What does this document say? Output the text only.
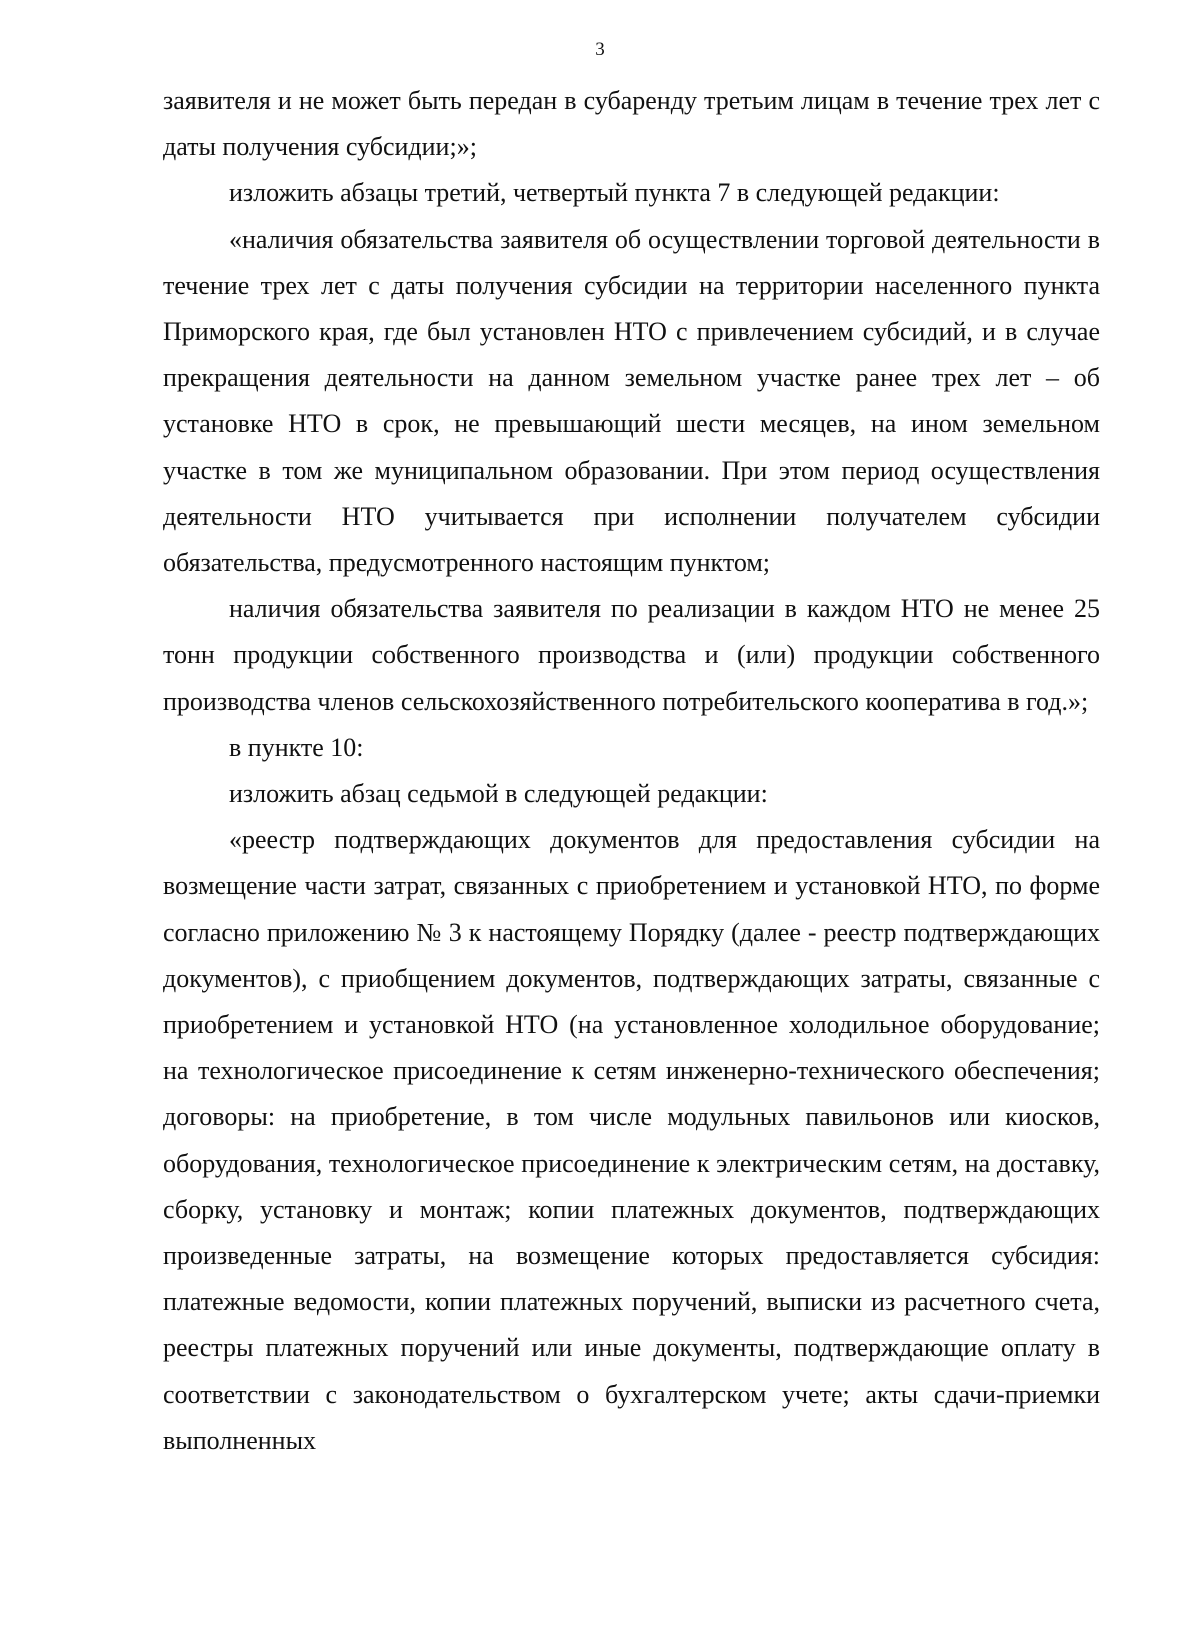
3

заявителя и не может быть передан в субаренду третьим лицам в течение трех лет с даты получения субсидии;»;

изложить абзацы третий, четвертый пункта 7 в следующей редакции:

«наличия обязательства заявителя об осуществлении торговой деятельности в течение трех лет с даты получения субсидии на территории населенного пункта Приморского края, где был установлен НТО с привлечением субсидий, и в случае прекращения деятельности на данном земельном участке ранее трех лет – об установке НТО в срок, не превышающий шести месяцев, на ином земельном участке в том же муниципальном образовании. При этом период осуществления деятельности НТО учитывается при исполнении получателем субсидии обязательства, предусмотренного настоящим пунктом;

наличия обязательства заявителя по реализации в каждом НТО не менее 25 тонн продукции собственного производства и (или) продукции собственного производства членов сельскохозяйственного потребительского кооператива в год.»;

в пункте 10:

изложить абзац седьмой в следующей редакции:

«реестр подтверждающих документов для предоставления субсидии на возмещение части затрат, связанных с приобретением и установкой НТО, по форме согласно приложению № 3 к настоящему Порядку (далее - реестр подтверждающих документов), с приобщением документов, подтверждающих затраты, связанные с приобретением и установкой НТО (на установленное холодильное оборудование; на технологическое присоединение к сетям инженерно-технического обеспечения; договоры: на приобретение, в том числе модульных павильонов или киосков, оборудования, технологическое присоединение к электрическим сетям, на доставку, сборку, установку и монтаж; копии платежных документов, подтверждающих произведенные затраты, на возмещение которых предоставляется субсидия: платежные ведомости, копии платежных поручений, выписки из расчетного счета, реестры платежных поручений или иные документы, подтверждающие оплату в соответствии с законодательством о бухгалтерском учете; акты сдачи-приемки выполненных
